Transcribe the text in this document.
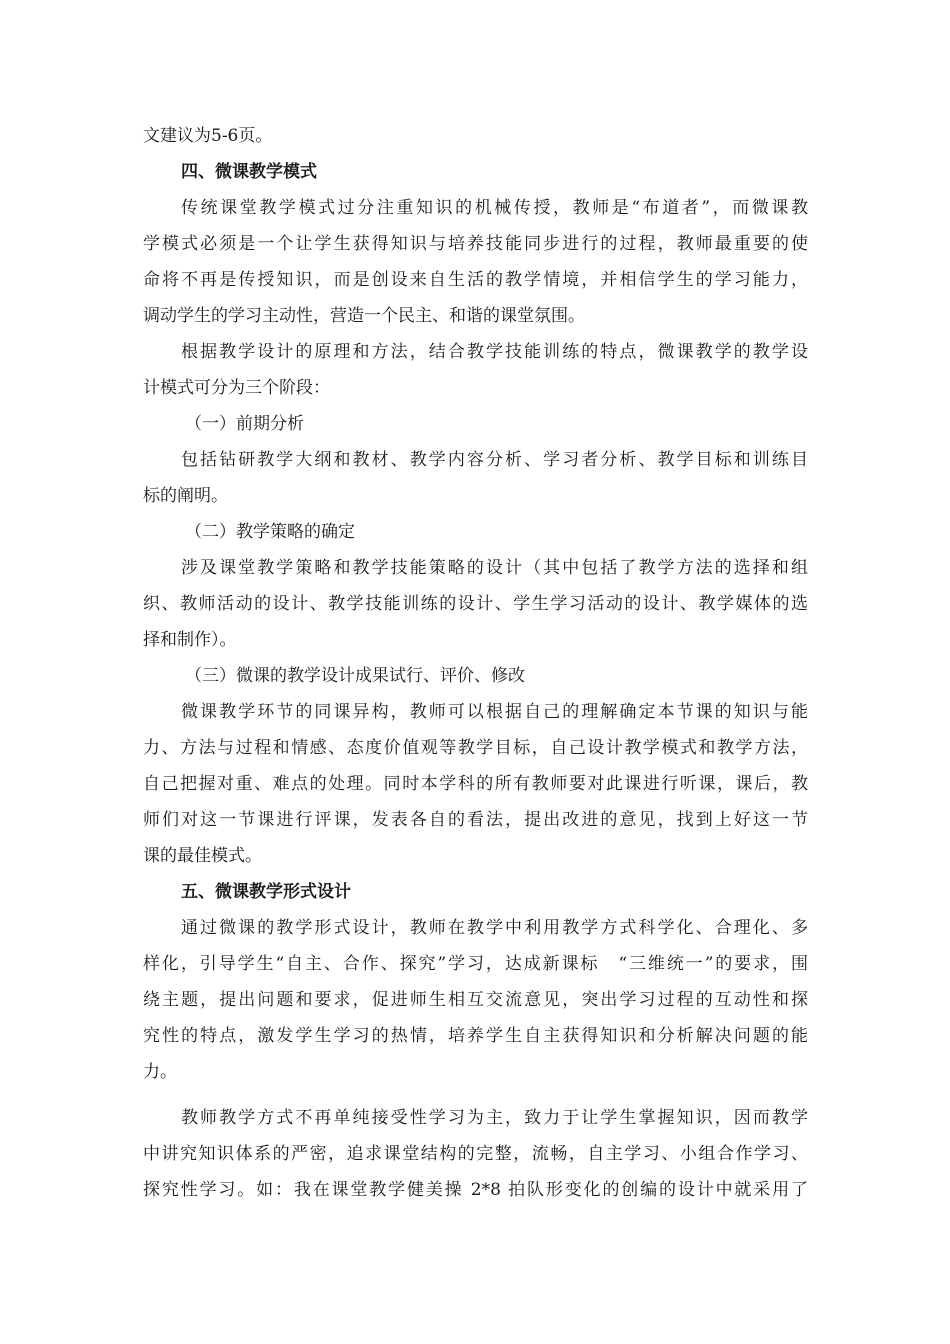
文建议为5-6页。
四、微课教学模式
传统课堂教学模式过分注重知识的机械传授，教师是“布道者”，而微课教
学模式必须是一个让学生获得知识与培养技能同步进行的过程，教师最重要的使
命将不再是传授知识，而是创设来自生活的教学情境，并相信学生的学习能力，
调动学生的学习主动性，营造一个民主、和谐的课堂氛围。
根据教学设计的原理和方法，结合教学技能训练的特点，微课教学的教学设
计模式可分为三个阶段：
（一）前期分析
包括钻研教学大纲和教材、教学内容分析、学习者分析、教学目标和训练目
标的阐明。
（二）教学策略的确定
涉及课堂教学策略和教学技能策略的设计（其中包括了教学方法的选择和组
织、教师活动的设计、教学技能训练的设计、学生学习活动的设计、教学媒体的选
择和制作）。
（三）微课的教学设计成果试行、评价、修改
微课教学环节的同课异构，教师可以根据自己的理解确定本节课的知识与能
力、方法与过程和情感、态度价值观等教学目标，自己设计教学模式和教学方法，
自己把握对重、难点的处理。同时本学科的所有教师要对此课进行听课，课后，教
师们对这一节课进行评课，发表各自的看法，提出改进的意见，找到上好这一节
课的最佳模式。
五、微课教学形式设计
通过微课的教学形式设计，教师在教学中利用教学方式科学化、合理化、多
样化，引导学生“自主、合作、探究”学习，达成新课标　“三维统一”的要求，围
绕主题，提出问题和要求，促进师生相互交流意见，突出学习过程的互动性和探
究性的特点，激发学生学习的热情，培养学生自主获得知识和分析解决问题的能
力。
教师教学方式不再单纯接受性学习为主，致力于让学生掌握知识，因而教学
中讲究知识体系的严密，追求课堂结构的完整，流畅，自主学习、小组合作学习、
探究性学习。如：我在课堂教学健美操 2*8 拍队形变化的创编的设计中就采用了
